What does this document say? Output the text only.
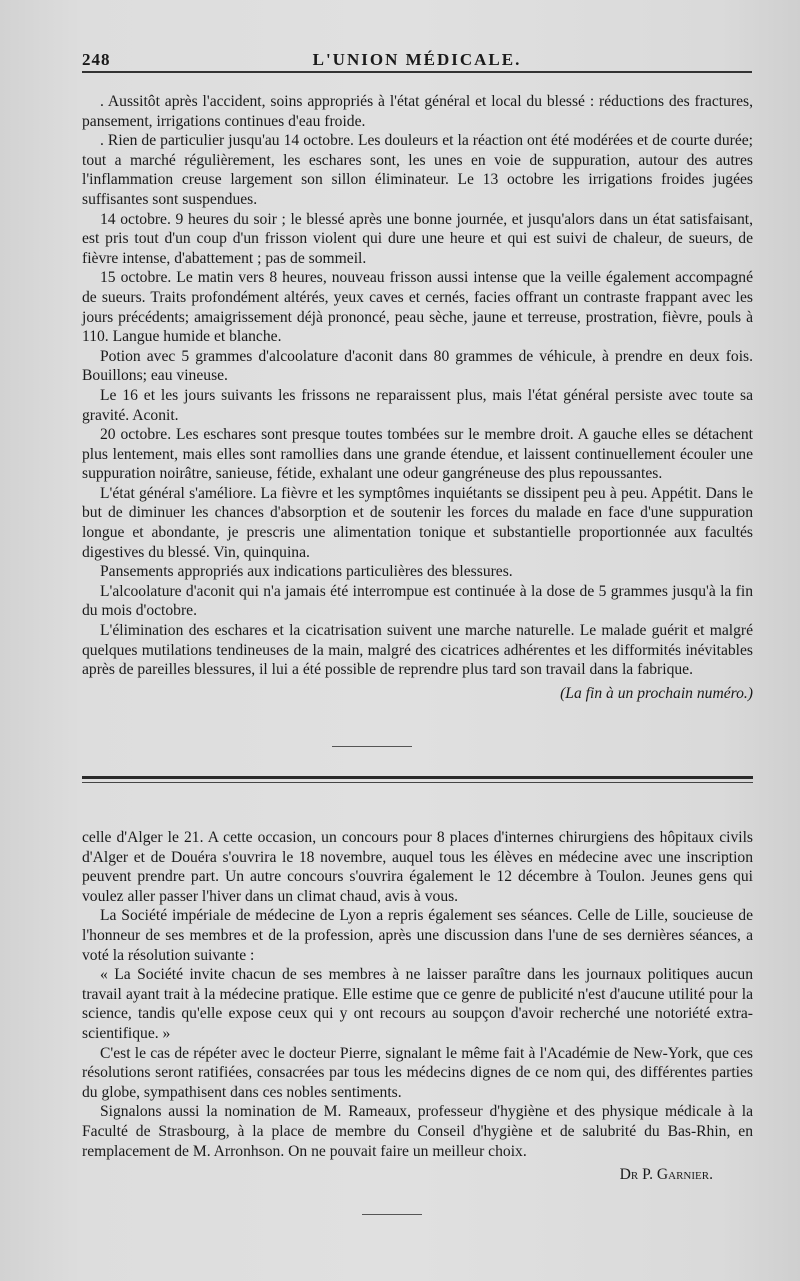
248	L'UNION MÉDICALE.

. Aussitôt après l'accident, soins appropriés à l'état général et local du blessé : réductions des fractures, pansement, irrigations continues d'eau froide.

. Rien de particulier jusqu'au 14 octobre. Les douleurs et la réaction ont été modérées et de courte durée; tout a marché régulièrement, les eschares sont, les unes en voie de suppuration, autour des autres l'inflammation creuse largement son sillon éliminateur. Le 13 octobre les irrigations froides jugées suffisantes sont suspendues.

14 octobre. 9 heures du soir ; le blessé après une bonne journée, et jusqu'alors dans un état satisfaisant, est pris tout d'un coup d'un frisson violent qui dure une heure et qui est suivi de chaleur, de sueurs, de fièvre intense, d'abattement ; pas de sommeil.

15 octobre. Le matin vers 8 heures, nouveau frisson aussi intense que la veille également accompagné de sueurs. Traits profondément altérés, yeux caves et cernés, facies offrant un contraste frappant avec les jours précédents; amaigrissement déjà prononcé, peau sèche, jaune et terreuse, prostration, fièvre, pouls à 110. Langue humide et blanche.

Potion avec 5 grammes d'alcoolature d'aconit dans 80 grammes de véhicule, à prendre en deux fois. Bouillons; eau vineuse.

Le 16 et les jours suivants les frissons ne reparaissent plus, mais l'état général persiste avec toute sa gravité. Aconit.

20 octobre. Les eschares sont presque toutes tombées sur le membre droit. A gauche elles se détachent plus lentement, mais elles sont ramollies dans une grande étendue, et laissent continuellement écouler une suppuration noirâtre, sanieuse, fétide, exhalant une odeur gangréneuse des plus repoussantes.

L'état général s'améliore. La fièvre et les symptômes inquiétants se dissipent peu à peu. Appétit. Dans le but de diminuer les chances d'absorption et de soutenir les forces du malade en face d'une suppuration longue et abondante, je prescris une alimentation tonique et substantielle proportionnée aux facultés digestives du blessé. Vin, quinquina.

Pansements appropriés aux indications particulières des blessures.

L'alcoolature d'aconit qui n'a jamais été interrompue est continuée à la dose de 5 grammes jusqu'à la fin du mois d'octobre.

L'élimination des eschares et la cicatrisation suivent une marche naturelle. Le malade guérit et malgré quelques mutilations tendineuses de la main, malgré des cicatrices adhérentes et les difformités inévitables après de pareilles blessures, il lui a été possible de reprendre plus tard son travail dans la fabrique.

(La fin à un prochain numéro.)

celle d'Alger le 21. A cette occasion, un concours pour 8 places d'internes chirurgiens des hôpitaux civils d'Alger et de Douéra s'ouvrira le 18 novembre, auquel tous les élèves en médecine avec une inscription peuvent prendre part. Un autre concours s'ouvrira également le 12 décembre à Toulon. Jeunes gens qui voulez aller passer l'hiver dans un climat chaud, avis à vous.

La Société impériale de médecine de Lyon a repris également ses séances. Celle de Lille, soucieuse de l'honneur de ses membres et de la profession, après une discussion dans l'une de ses dernières séances, a voté la résolution suivante :

« La Société invite chacun de ses membres à ne laisser paraître dans les journaux politiques aucun travail ayant trait à la médecine pratique. Elle estime que ce genre de publicité n'est d'aucune utilité pour la science, tandis qu'elle expose ceux qui y ont recours au soupçon d'avoir recherché une notoriété extra-scientifique. »

C'est le cas de répéter avec le docteur Pierre, signalant le même fait à l'Académie de New-York, que ces résolutions seront ratifiées, consacrées par tous les médecins dignes de ce nom qui, des différentes parties du globe, sympathisent dans ces nobles sentiments.

Signalons aussi la nomination de M. Rameaux, professeur d'hygiène et des physique médicale à la Faculté de Strasbourg, à la place de membre du Conseil d'hygiène et de salubrité du Bas-Rhin, en remplacement de M. Arronhson. On ne pouvait faire un meilleur choix.

Dr P. Garnier.
